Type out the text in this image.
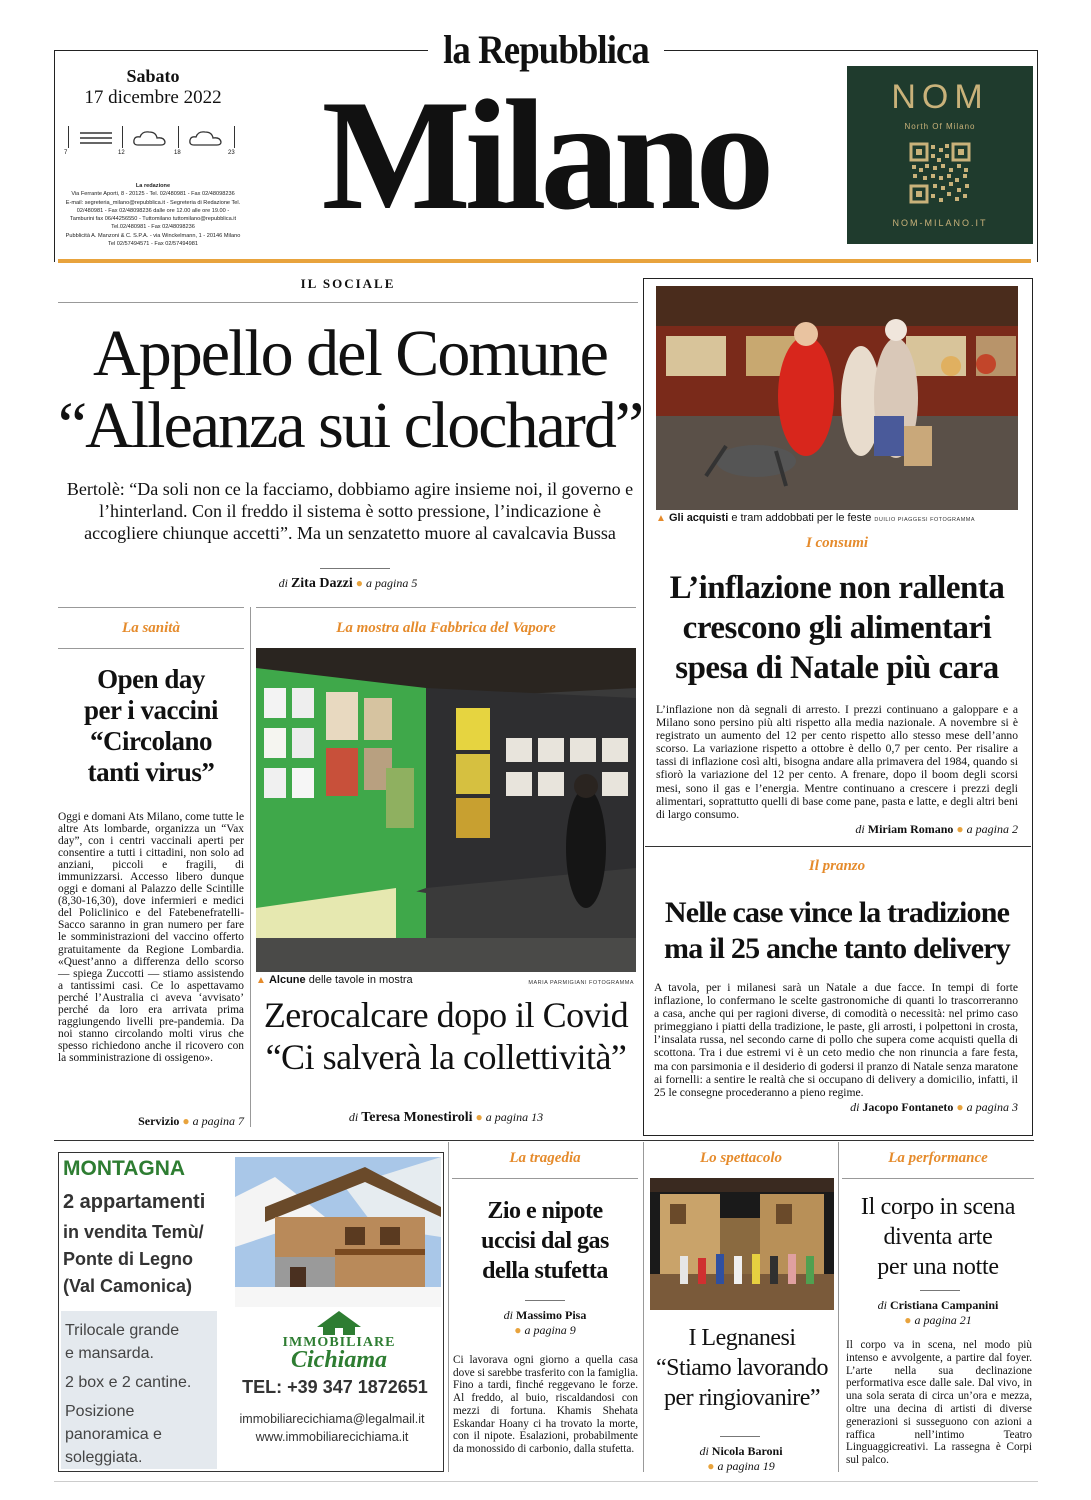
la Repubblica
Milano
Sabato
17 dicembre 2022
7	12	18	23
La redazione
Via Ferrante Aporti, 8 - 20125 - Tel. 02/480981 - Fax 02/48098236
E-mail: segreteria_milano@repubblica.it - Segreteria di Redazione Tel.
02/480981 - Fax 02/48098236 dalle ore 12.00 alle ore 19.00 -
Tamburini fax 06/44256550 - Tuttomilano tuttomilano@repubblica.it
Tel.02/480981 - Fax 02/48098236
Pubblicità A. Manzoni & C. S.P.A. - via Winckelmann, 1 - 20146 Milano
Tel 02/57494571 - Fax 02/57494981
NOM
North Of Milano
NOM-MILANO.IT
IL SOCIALE
Appello del Comune
“Alleanza sui clochard”
Bertolè: “Da soli non ce la facciamo, dobbiamo agire insieme noi, il governo e l’hinterland. Con il freddo il sistema è sotto pressione, l’indicazione è accogliere chiunque accetti”. Ma un senzatetto muore al cavalcavia Bussa
di Zita Dazzi ● a pagina 5
▲ Gli acquisti e tram addobbati per le feste DUILIO PIAGGESI FOTOGRAMMA
I consumi
L’inflazione non rallenta
crescono gli alimentari
spesa di Natale più cara
L’inflazione non dà segnali di arresto. I prezzi continuano a galoppare e a Milano sono persino più alti rispetto alla media nazionale. A novembre si è registrato un aumento del 12 per cento rispetto allo stesso mese dell’anno scorso. La variazione rispetto a ottobre è dello 0,7 per cento. Per risalire a tassi di inflazione così alti, bisogna andare alla primavera del 1984, quando si sfiorò la variazione del 12 per cento. A frenare, dopo il boom degli scorsi mesi, sono il gas e l’energia. Mentre continuano a crescere i prezzi degli alimentari, soprattutto quelli di base come pane, pasta e latte, e degli altri beni di largo consumo.
di Miriam Romano ● a pagina 2
Il pranzo
Nelle case vince la tradizione
ma il 25 anche tanto delivery
A tavola, per i milanesi sarà un Natale a due facce. In tempi di forte inflazione, lo confermano le scelte gastronomiche di quanti lo trascorreranno a casa, anche qui per ragioni diverse, di comodità o necessità: nel primo caso primeggiano i piatti della tradizione, le paste, gli arrosti, i polpettoni in crosta, l’insalata russa, nel secondo carne di pollo che supera come acquisti quella di scottona. Tra i due estremi vi è un ceto medio che non rinuncia a fare festa, ma con parsimonia e il desiderio di godersi il pranzo di Natale senza maratone ai fornelli: a sentire le realtà che si occupano di delivery a domicilio, infatti, il 25 le consegne procederanno a pieno regime.
di Jacopo Fontaneto ● a pagina 3
La sanità
Open day
per i vaccini
“Circolano
tanti virus”
Oggi e domani Ats Milano, come tutte le altre Ats lombarde, organizza un “Vax day”, con i centri vaccinali aperti per consentire a tutti i cittadini, non solo ad anziani, piccoli e fragili, di immunizzarsi. Accesso libero dunque oggi e domani al Palazzo delle Scintille (8,30-16,30), dove infermieri e medici del Policlinico e del Fatebenefratelli-Sacco saranno in gran numero per fare le somministrazioni del vaccino offerto gratuitamente da Regione Lombardia. «Quest’anno a differenza dello scorso — spiega Zuccotti — stiamo assistendo a tantissimi casi. Ce lo aspettavamo perché l’Australia ci aveva ‘avvisato’ perché da loro era arrivata prima raggiungendo livelli pre-pandemia. Da noi stanno circolando molti virus che spesso richiedono anche il ricovero con la somministrazione di ossigeno».
Servizio ● a pagina 7
La mostra alla Fabbrica del Vapore
▲ Alcune delle tavole in mostra	MARIA PARMIGIANI FOTOGRAMMA
Zerocalcare dopo il Covid
“Ci salverà la collettività”
di Teresa Monestiroli ● a pagina 13
MONTAGNA
2 appartamenti
in vendita Temù/
Ponte di Legno
(Val Camonica)
Trilocale grande
e mansarda.
2 box e 2 cantine.
Posizione
panoramica e
soleggiata.
IMMOBILIARE
Cichiama
TEL: +39 347 1872651
immobiliarecichiama@legalmail.it
www.immobiliarecichiama.it
La tragedia
Zio e nipote
uccisi dal gas
della stufetta
di Massimo Pisa
● a pagina 9
Ci lavorava ogni giorno a quella casa dove si sarebbe trasferito con la famiglia. Fino a tardi, finché reggevano le forze. Al freddo, al buio, riscaldandosi con mezzi di fortuna. Khamis Shehata Eskandar Hoany ci ha trovato la morte, con il nipote. Esalazioni, probabilmente da monossido di carbonio, dalla stufetta.
Lo spettacolo
I Legnanesi
“Stiamo lavorando
per ringiovanire”
di Nicola Baroni
● a pagina 19
La performance
Il corpo in scena
diventa arte
per una notte
di Cristiana Campanini
● a pagina 21
Il corpo va in scena, nel modo più intenso e avvolgente, a partire dal foyer. L’arte nella sua declinazione performativa esce dalle sale. Dal vivo, in una sola serata di circa un’ora e mezza, oltre una decina di artisti di diverse generazioni si susseguono con azioni a raffica nell’intimo Teatro Linguaggicreativi. La rassegna è Corpi sul palco.
